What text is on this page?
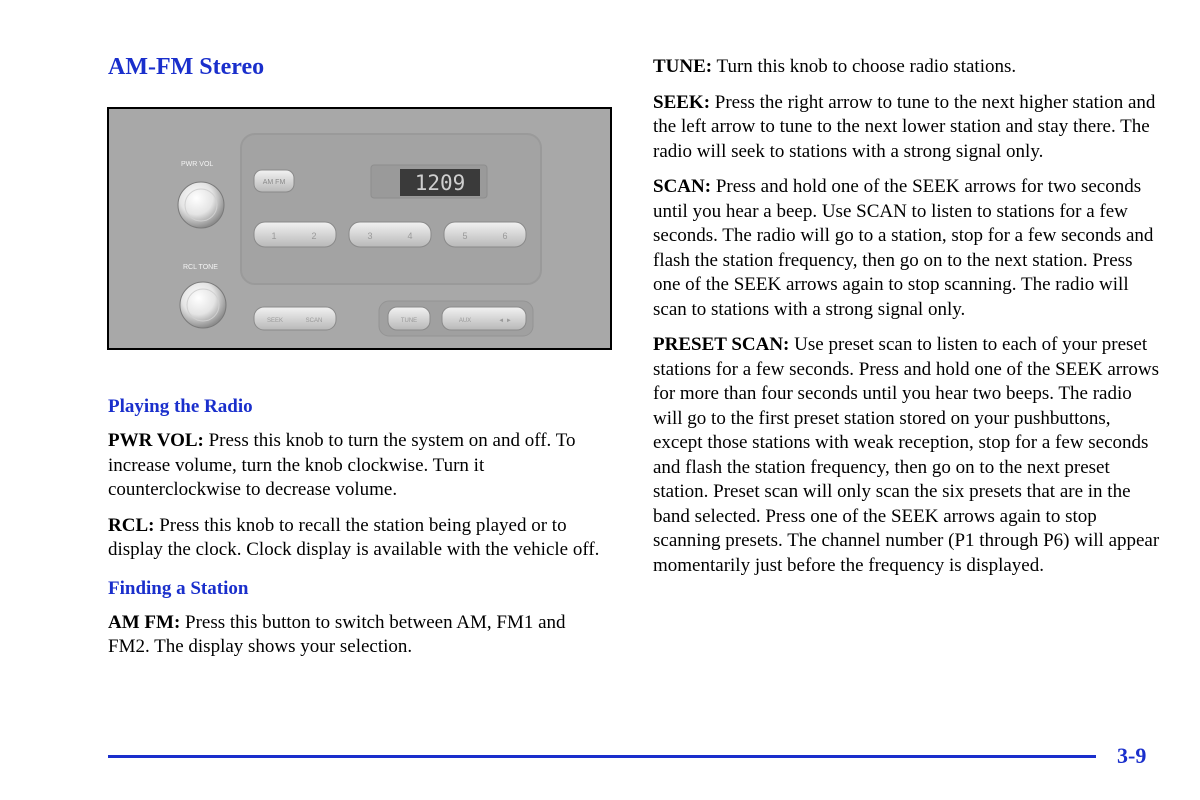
AM-FM Stereo
PWR VOL
RCL TONE
AM FM	1209
1	2	3	4	5	6
SEEK	SCAN	TUNE	AUX	◄ ►
Playing the Radio

PWR VOL: Press this knob to turn the system on and off. To increase volume, turn the knob clockwise. Turn it counterclockwise to decrease volume.

RCL: Press this knob to recall the station being played or to display the clock. Clock display is available with the vehicle off.

Finding a Station

AM FM: Press this button to switch between AM, FM1 and FM2. The display shows your selection.

TUNE: Turn this knob to choose radio stations.

SEEK: Press the right arrow to tune to the next higher station and the left arrow to tune to the next lower station and stay there. The radio will seek to stations with a strong signal only.

SCAN: Press and hold one of the SEEK arrows for two seconds until you hear a beep. Use SCAN to listen to stations for a few seconds. The radio will go to a station, stop for a few seconds and flash the station frequency, then go on to the next station. Press one of the SEEK arrows again to stop scanning. The radio will scan to stations with a strong signal only.

PRESET SCAN: Use preset scan to listen to each of your preset stations for a few seconds. Press and hold one of the SEEK arrows for more than four seconds until you hear two beeps. The radio will go to the first preset station stored on your pushbuttons, except those stations with weak reception, stop for a few seconds and flash the station frequency, then go on to the next preset station. Preset scan will only scan the six presets that are in the band selected. Press one of the SEEK arrows again to stop scanning presets. The channel number (P1 through P6) will appear momentarily just before the frequency is displayed.

3-9
